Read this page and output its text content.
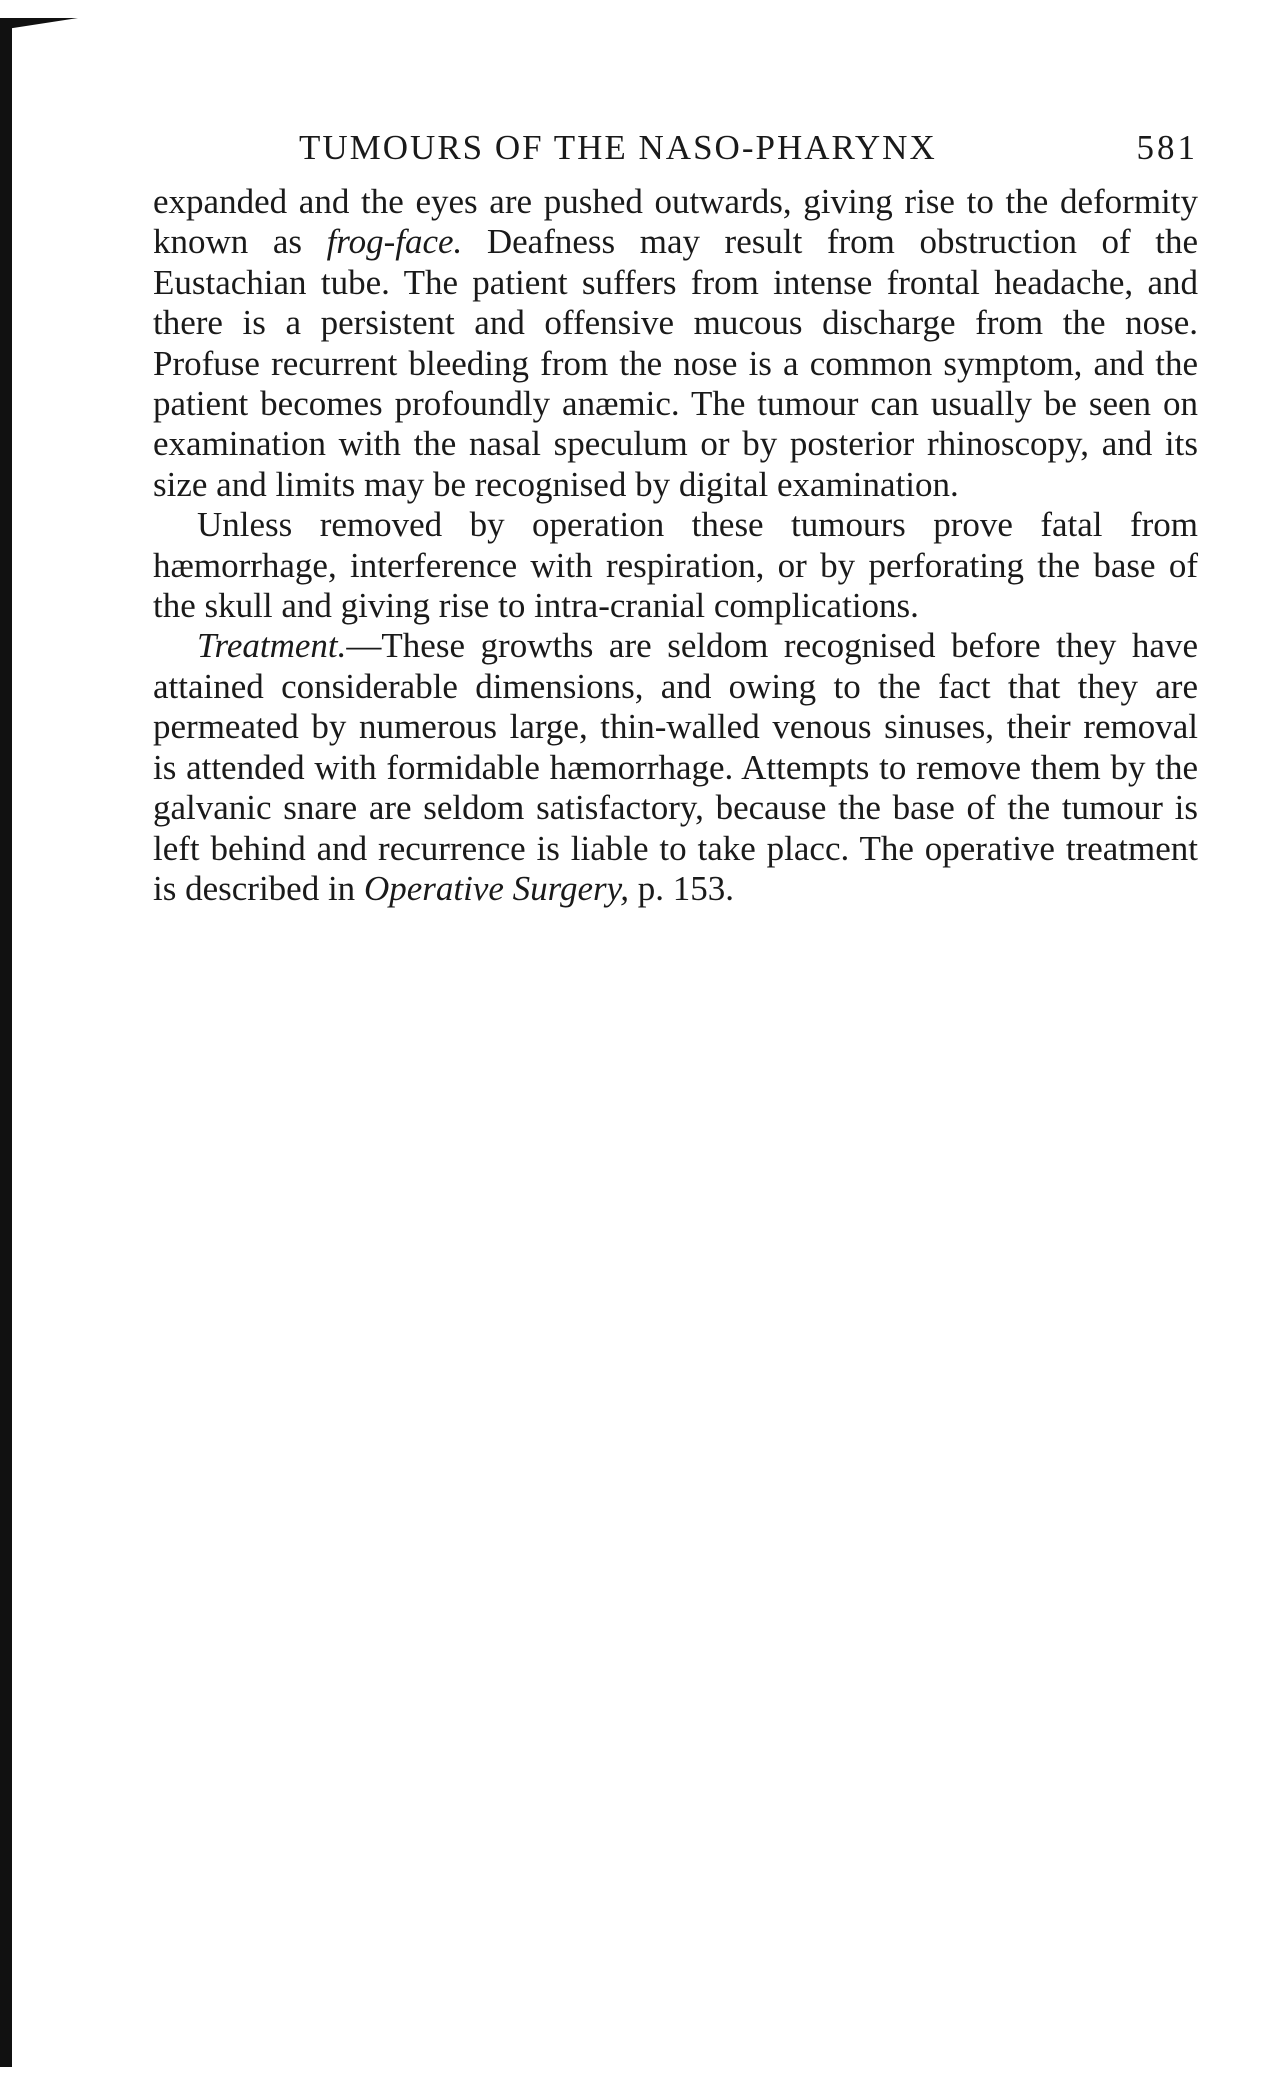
TUMOURS OF THE NASO-PHARYNX	581

expanded and the eyes are pushed outwards, giving rise to the deformity known as frog-face. Deafness may result from obstruction of the Eustachian tube. The patient suffers from intense frontal headache, and there is a persistent and offensive mucous discharge from the nose. Profuse recurrent bleeding from the nose is a common symptom, and the patient becomes profoundly anæmic. The tumour can usually be seen on examination with the nasal speculum or by posterior rhinoscopy, and its size and limits may be recognised by digital examination.

Unless removed by operation these tumours prove fatal from hæmorrhage, interference with respiration, or by perforating the base of the skull and giving rise to intra-cranial complications.

Treatment.—These growths are seldom recognised before they have attained considerable dimensions, and owing to the fact that they are permeated by numerous large, thin-walled venous sinuses, their removal is attended with formidable hæmorrhage. Attempts to remove them by the galvanic snare are seldom satisfactory, because the base of the tumour is left behind and recurrence is liable to take placc. The operative treatment is described in Operative Surgery, p. 153.
